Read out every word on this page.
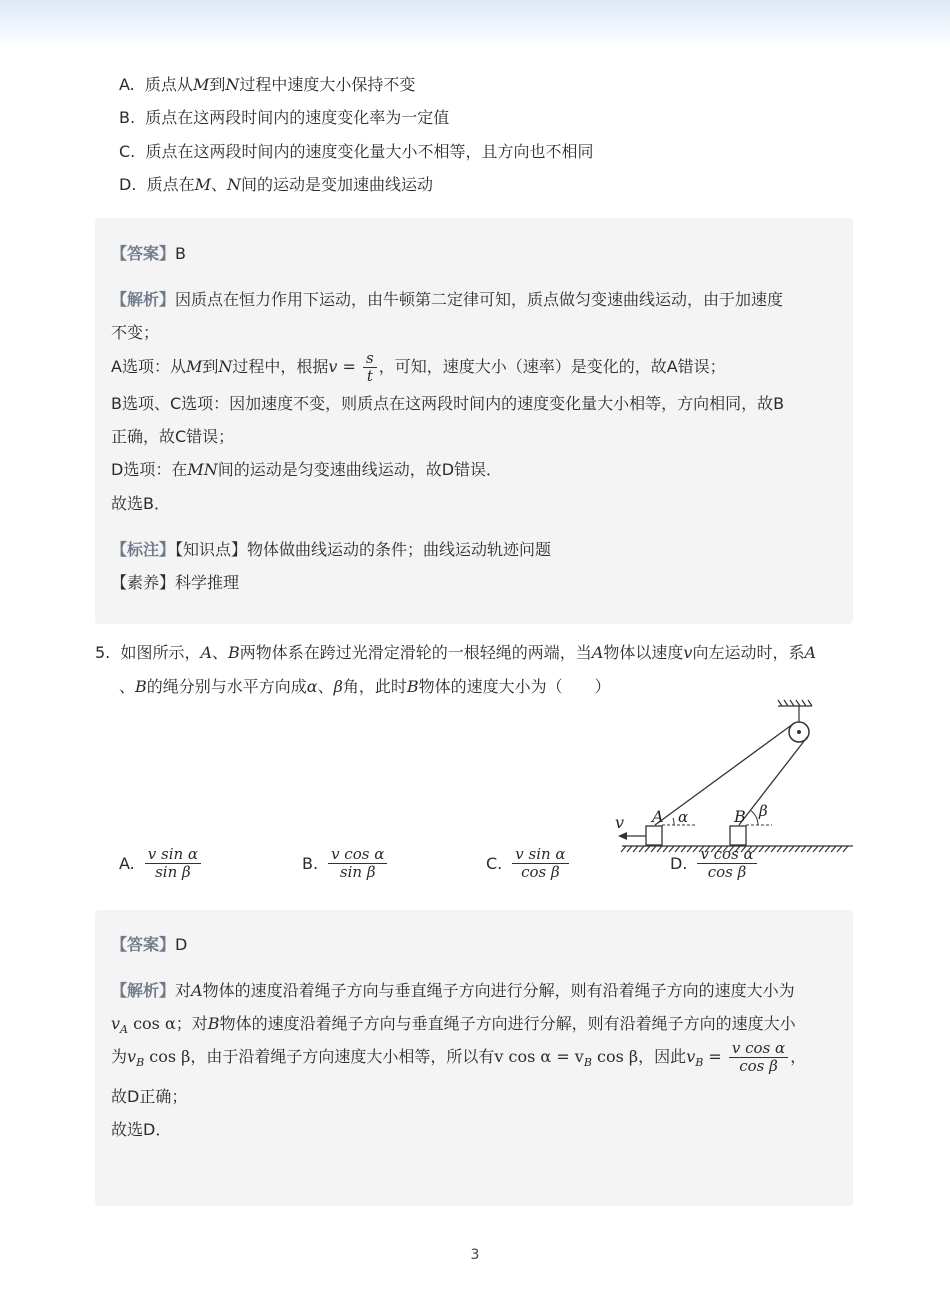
A. 质点从M到N过程中速度大小保持不变
B. 质点在这两段时间内的速度变化率为一定值
C. 质点在这两段时间内的速度变化量大小不相等，且方向也不相同
D. 质点在M、N间的运动是变加速曲线运动
【答案】B
【解析】因质点在恒力作用下运动，由牛顿第二定律可知，质点做匀变速曲线运动，由于加速度
不变；
A选项：从M到N过程中，根据$v = \frac{s}{t}$ ，可知，速度大小（速率）是变化的，故A错误；
B选项、C选项：因加速度不变，则质点在这两段时间内的速度变化量大小相等，方向相同，故B
正确，故C错误；
D选项：在MN间的运动是匀变速曲线运动，故D错误．
故选B．
【标注】【知识点】物体做曲线运动的条件；曲线运动轨迹问题
【素养】科学推理
5. 如图所示，A、B两物体系在跨过光滑定滑轮的一根轻绳的两端，当A物体以速度v向左运动时，系A
、B的绳分别与水平方向成α、β角，此时B物体的速度大小为（　　）
v A α	B β
A. $\frac{\text{v sin α}}{\text{sin β}}$	B. $\frac{\text{v cos α}}{\text{sin β}}$	C. $\frac{\text{v sin α}}{\text{cos β}}$	D. $\frac{\text{v cos α}}{\text{cos β}}$
【答案】D
【解析】对A物体的速度沿着绳子方向与垂直绳子方向进行分解，则有沿着绳子方向的速度大小为
$v_A$ cos α；对B物体的速度沿着绳子方向与垂直绳子方向进行分解，则有沿着绳子方向的速度大小
为$v_B$ cos β，由于沿着绳子方向速度大小相等，所以有v $\cos \alpha = v_B$ cos β，因此$v_B = \frac{\text{v cos α}}{\text{cos β}}$ ，
故D正确；
故选D．
3
